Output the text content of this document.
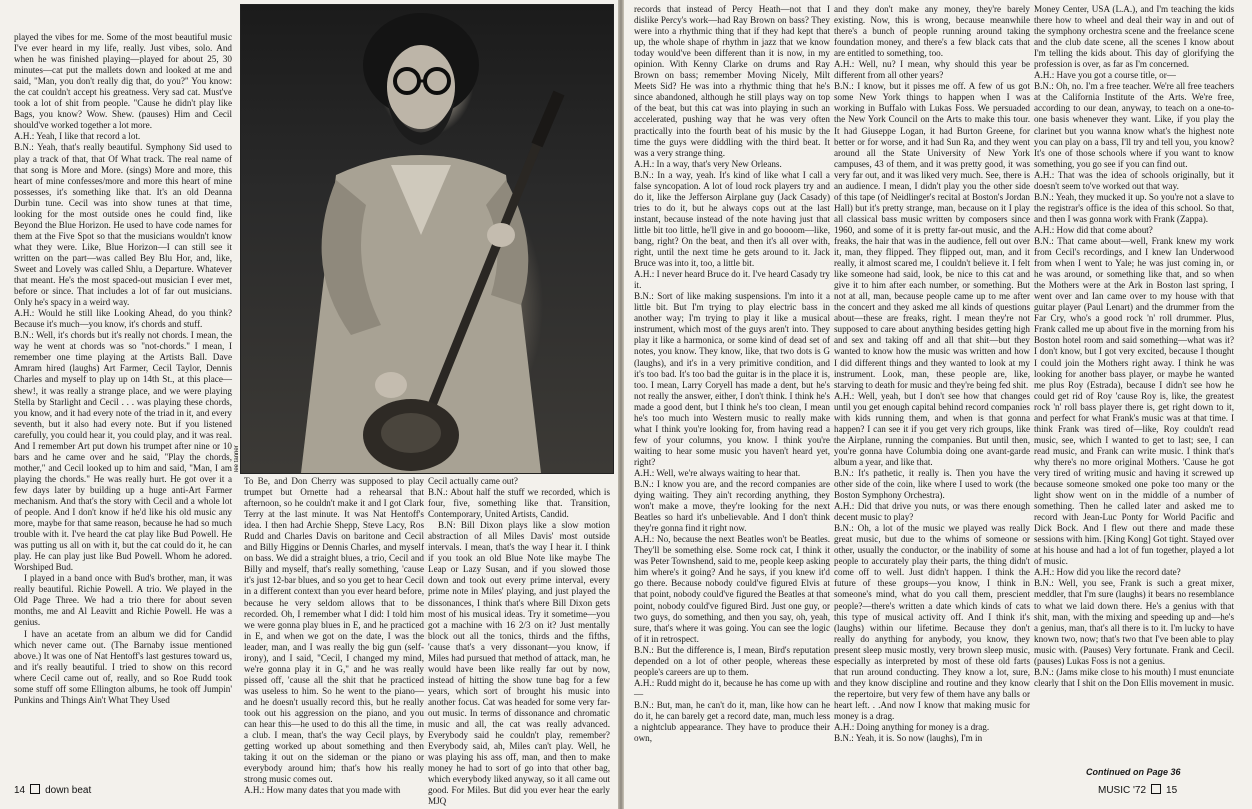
played the vibes for me. Some of the most beautiful music I've ever heard in my life, really. Just vibes, solo. And when he was finished playing—played for about 25, 30 minutes—cat put the mallets down and looked at me and said, "Man, you don't really dig that, do you?" You know: the cat couldn't accept his greatness. Very sad cat. Must've took a lot of shit from people. "Cause he didn't play like Bags, you know? Wow. Shew. (pauses) Him and Cecil should've worked together a lot more.

A.H.: Yeah, I like that record a lot.

B.N.: Yeah, that's really beautiful. Symphony Sid used to play a track of that, that Of What track. The real name of that song is More and More. (sings) More and more, this heart of mine confesses/more and more this heart of mine possesses, it's something like that. It's an old Deanna Durbin tune. Cecil was into show tunes at that time, looking for the most outside ones he could find, like Beyond the Blue Horizon. He used to have code names for them at the Five Spot so that the musicians wouldn't know what they were. Like, Blue Horizon—I can still see it written on the part—was called Bey Blu Hor, and, like, Sweet and Lovely was called Shlu, a Departure. Whatever that meant. He's the most spaced-out musician I ever met, before or since. That includes a lot of far out musicians. Only he's spacy in a weird way.

A.H.: Would he still like Looking Ahead, do you think? Because it's much—you know, it's chords and stuff.

B.N.: Well, it's chords but it's really not chords. I mean, the way he went at chords was so "not-chords." I mean, I remember one time playing at the Artists Ball. Dave Amram hired (laughs) Art Farmer, Cecil Taylor, Dennis Charles and myself to play up on 14th St., at this place—shew!, it was really a strange place, and we were playing Stella by Starlight and Cecil . . . was playing these chords, you know, and it had every note of the triad in it, and every seventh, but it also had every note. But if you listened carefully, you could hear it, you could play, and it was real. And I remember Art put down his trumpet after nine or 10 bars and he came over and he said, "Play the chords, mother," and Cecil looked up to him and said, "Man, I am playing the chords." He was really hurt. He got over it a few days later by building up a huge anti-Art Farmer mechanism. And that's the story with Cecil and a whole lot of people. And I don't know if he'd like his old music any more, maybe for that same reason, because he had so much trouble with it. I've heard the cat play like Bud Powell. He was putting us all on with it, but the cat could do it, he can play. He can play just like Bud Powell. Whom he adored. Worshiped Bud.

I played in a band once with Bud's brother, man, it was really beautiful. Richie Powell. A trio. We played in the Old Page Three. We had a trio there for about seven months, me and Al Leavitt and Richie Powell. He was a genius.

I have an acetate from an album we did for Candid which never came out. (The Barnaby issue mentioned above.) It was one of Nat Hentoff's last gestures toward us, and it's really beautiful. I tried to show on this record where Cecil came out of, really, and so Roe Rudd took some stuff off some Ellington albums, he took off Jumpin' Punkins and Things Ain't What They Used

lee tanner

To Be, and Don Cherry was supposed to play trumpet but Ornette had a rehearsal that afternoon, so he couldn't make it and I got Clark Terry at the last minute. It was Nat Hentoff's idea. I then had Archie Shepp, Steve Lacy, Ros Rudd and Charles Davis on baritone and Cecil and Billy Higgins or Dennis Charles, and myself on bass. We did a straight blues, a trio, Cecil and Billy and myself, that's really something, 'cause it's just 12-bar blues, and so you get to hear Cecil in a different context than you ever heard before, because he very seldom allows that to be recorded. Oh, I remember what I did: I told him we were gonna play blues in E, and he practiced in E, and when we got on the date, I was the leader, man, and I was really the big gun (self-irony), and I said, "Cecil, I changed my mind, we're gonna play it in G," and he was really pissed off, 'cause all the shit that he practiced was useless to him. So he went to the piano—and he doesn't usually record this, but he really took out his aggression on the piano, and you can hear this—he used to do this all the time, in a club. I mean, that's the way Cecil plays, by getting worked up about something and then taking it out on the sideman or the piano or everybody around him; that's how his really strong music comes out.

A.H.: How many dates that you made with

Cecil actually came out?

B.N.: About half the stuff we recorded, which is four, five, something like that. Transition, Contemporary, United Artists, Candid.

B.N: Bill Dixon plays like a slow motion abstraction of all Miles Davis' most outside intervals. I mean, that's the way I hear it. I think if you took an old Blue Note like maybe The Leap or Lazy Susan, and if you slowed those down and took out every prime interval, every prime note in Miles' playing, and just played the dissonances, I think that's where Bill Dixon gets most of his musical ideas. Try it sometime—you got a machine with 16 2/3 on it? Just mentally block out all the tonics, thirds and the fifths, 'cause that's a very dissonant—you know, if Miles had pursued that method of attack, man, he would have been like really far out by now, instead of hitting the show tune bag for a few years, which sort of brought his music into another focus. Cat was headed for some very far-out music. In terms of dissonance and chromatic music and all, the cat was really advanced. Everybody said he couldn't play, remember? Everybody said, ah, Miles can't play. Well, he was playing his ass off, man, and then to make money he had to sort of go into that other bag, which everybody liked anyway, so it all came out good. For Miles. But did you ever hear the early MJQ

14 down beat

records that instead of Percy Heath—not that I dislike Percy's work—had Ray Brown on bass? They were into a rhythmic thing that if they had kept that up, the whole shape of rhythm in jazz that we know today would've been different than it is now, in my opinion. With Kenny Clarke on drums and Ray Brown on bass; remember Moving Nicely, Milt Meets Sid? He was into a rhythmic thing that he's since abandoned, although he still plays way on top of the beat, but this cat was into playing in such an accelerated, pushing way that he was very often practically into the fourth beat of his music by the time the guys were diddling with the third beat. It was a very strange thing.

A.H.: In a way, that's very New Orleans.

B.N.: In a way, yeah. It's kind of like what I call a false syncopation. A lot of loud rock players try and do it, like the Jefferson Airplane guy (Jack Casady) tries to do it, but he always cops out at the last instant, because instead of the note having just that little bit too little, he'll give in and go boooom—like, bang, right? On the beat, and then it's all over with, right, until the next time he gets around to it. Jack Bruce was into it, too, a little bit.

A.H.: I never heard Bruce do it. I've heard Casady try it.

B.N.: Sort of like making suspensions. I'm into it a little bit. But I'm trying to play electric bass in another way; I'm trying to play it like a musical instrument, which most of the guys aren't into. They play it like a harmonica, or some kind of dead set of notes, you know. They know, like, that two dots is G (laughs), and it's in a very primitive condition, and it's too bad. It's too bad the guitar is in the place it is, too. I mean, Larry Coryell has made a dent, but he's not really the answer, either, I don't think. I think he's made a good dent, but I think he's too clean, I mean he's too much into Western music to really make what I think you're looking for, from having read a few of your columns, you know. I think you're waiting to hear some music you haven't heard yet, right?

A.H.: Well, we're always waiting to hear that.

B.N.: I know you are, and the record companies are dying waiting. They ain't recording anything, they won't make a move, they're looking for the next Beatles so hard it's unbelievable. And I don't think they're gonna find it right now.

A.H.: No, because the next Beatles won't be Beatles. They'll be something else. Some rock cat, I think it was Peter Townshend, said to me, people keep asking him where's it going? And he says, if you knew it'd go there. Because nobody could've figured Elvis at that point, nobody could've figured the Beatles at that point, nobody could've figured Bird. Just one guy, or two guys, do something, and then you say, oh, yeah, sure, that's where it was going. You can see the logic of it in retrospect.

B.N.: But the difference is, I mean, Bird's reputation depended on a lot of other people, whereas these people's careers are up to them.

A.H.: Rudd might do it, because he has come up with—

B.N.: But, man, he can't do it, man, like how can he do it, he can barely get a record date, man, much less a nightclub appearance. They have to produce their own,

and they don't make any money, they're barely existing. Now, this is wrong, because meanwhile there's a bunch of people running around taking foundation money, and there's a few black cats that are entitled to something, too.

A.H.: Well, nu? I mean, why should this year be different from all other years?

B.N.: I know, but it pisses me off. A few of us got some New York things to happen when I was working in Buffalo with Lukas Foss. We persuaded the New York Council on the Arts to make this tour. It had Giuseppe Logan, it had Burton Greene, for better or for worse, and it had Sun Ra, and they went around all the State University of New York campuses, 43 of them, and it was pretty good, it was very far out, and it was liked very much. See, there is an audience. I mean, I didn't play you the other side of this tape (of Neidlinger's recital at Boston's Jordan Hall) but it's pretty strange, man, because on it I play all classical bass music written by composers since 1960, and some of it is pretty far-out music, and the freaks, the hair that was in the audience, fell out over it, man, they flipped. They flipped out, man, and it really, it almost scared me, I couldn't believe it. I felt like someone had said, look, be nice to this cat and give it to him after each number, or something. But not at all, man, because people came up to me after the concert and they asked me all kinds of questions about—these are freaks, right. I mean they're not supposed to care about anything besides getting high and sex and taking off and all that shit—but they wanted to know how the music was written and how I did different things and they wanted to look at my instrument. Look, man, these people are, like, starving to death for music and they're being fed shit.

A.H.: Well, yeah, but I don't see how that changes until you get enough capital behind record companies with kids running them, and when is that gonna happen? I can see it if you get very rich groups, like the Airplane, running the companies. But until then, you're gonna have Columbia doing one avant-garde album a year, and like that.

B.N.: It's pathetic, it really is. Then you have the other side of the coin, like where I used to work (the Boston Symphony Orchestra).

A.H.: Did that drive you nuts, or was there enough decent music to play?

B.N.: Oh, a lot of the music we played was really great music, but due to the whims of someone or other, usually the conductor, or the inability of some people to accurately play their parts, the thing didn't come off to well. Just didn't happen. I think the future of these groups—you know, I think in someone's mind, what do you call them, prescient people?—there's written a date which kinds of cats this type of musical activity off. And I think it's (laughs) within our lifetime. Because they don't really do anything for anybody, you know, they present sleep music mostly, very brown sleep music, especially as interpreted by most of these old farts that run around conducting. They know a lot, sure, and they know discipline and routine and they know the repertoire, but very few of them have any balls or heart left. . .And now I know that making music for money is a drag.

A.H.: Doing anything for money is a drag.

B.N.: Yeah, it is. So now (laughs), I'm in

Money Center, USA (L.A.), and I'm teaching the kids there how to wheel and deal their way in and out of the symphony orchestra scene and the freelance scene and the club date scene, all the scenes I know about I'm telling the kids about. This day of glorifying the profession is over, as far as I'm concerned.

A.H.: Have you got a course title, or—

B.N.: Oh, no. I'm a free teacher. We're all free teachers at the California Institute of the Arts. We're free, according to our dean, anyway, to teach on a one-to-one basis whenever they want. Like, if you play the clarinet but you wanna know what's the highest note you can play on a bass, I'll try and tell you, you know? It's one of those schools where if you want to know something, you go see if you can find out.

A.H.: That was the idea of schools originally, but it doesn't seem to've worked out that way.

B.N.: Yeah, they mucked it up. So you're not a slave to the registrar's office is the idea of this school. So that, and then I was gonna work with Frank (Zappa).

A.H.: How did that come about?

B.N.: That came about—well, Frank knew my work from Cecil's recordings, and I knew Ian Underwood from when I went to Yale; he was just coming in, or he was around, or something like that, and so when the Mothers were at the Ark in Boston last spring, I went over and Ian came over to my house with that guitar player (Paul Lenart) and the drummer from the Far Cry, who's a good rock 'n' roll drummer. Plus, Frank called me up about five in the morning from his Boston hotel room and said something—what was it? I don't know, but I got very excited, because I thought I could join the Mothers right away. I think he was looking for another bass player, or maybe he wanted me plus Roy (Estrada), because I didn't see how he could get rid of Roy 'cause Roy is, like, the greatest rock 'n' roll bass player there is, get right down to it, and perfect for what Frank's music was at that time. I think Frank was tired of—like, Roy couldn't read music, see, which I wanted to get to last; see, I can read music, and Frank can write music. I think that's why there's no more original Mothers. 'Cause he got very tired of writing music and having it screwed up because someone smoked one poke too many or the light show went on in the middle of a number of something. Then he called later and asked me to record with Jean-Luc Ponty for World Pacific and Dick Bock. And I flew out there and made these sessions with him. [King Kong] Got tight. Stayed over at his house and had a lot of fun together, played a lot of music.

A.H.: How did you like the record date?

B.N.: Well, you see, Frank is such a great mixer, meddler, that I'm sure (laughs) it bears no resemblance to what we laid down there. He's a genius with that shit, man, with the mixing and speeding up and—he's a genius, man, that's all there is to it. I'm lucky to have known two, now; that's two that I've been able to play music with. (Pauses) Very fortunate. Frank and Cecil. (pauses) Lukas Foss is not a genius.

B.N.: (Jams mike close to his mouth) I must enunciate clearly that I shit on the Don Ellis movement in music.

Continued on Page 36
MUSIC '72 15
